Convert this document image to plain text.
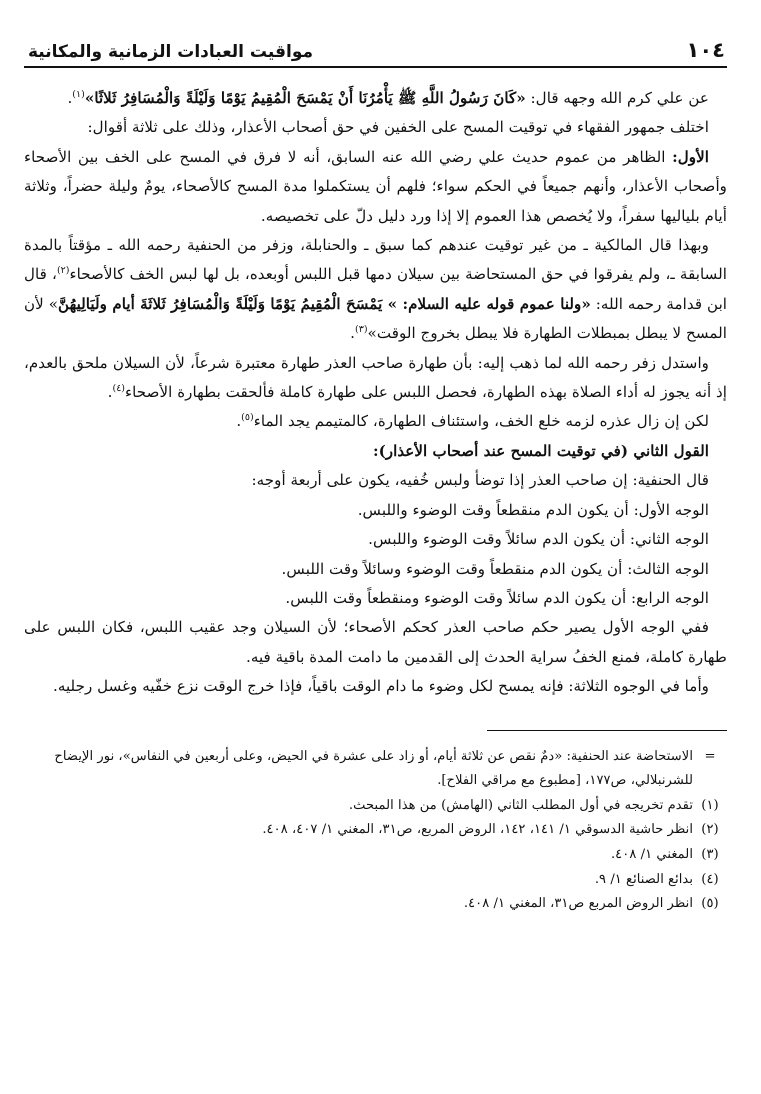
١٠٤
مواقيت العبادات الزمانية والمكانية

عن علي كرم الله وجهه قال: «كَانَ رَسُولُ اللَّهِ ﷺ يَأْمُرُنَا أَنْ يَمْسَحَ الْمُقِيمُ يَوْمًا وَلَيْلَةً وَالْمُسَافِرُ ثَلاثًا»$^{(١)}$.

اختلف جمهور الفقهاء في توقيت المسح على الخفين في حق أصحاب الأعذار، وذلك على ثلاثة أقوال:

الأول: الظاهر من عموم حديث علي رضي الله عنه السابق، أنه لا فرق في المسح على الخف بين الأصحاء وأصحاب الأعذار، وأنهم جميعاً في الحكم سواء؛ فلهم أن يستكملوا مدة المسح كالأصحاء، يومٌ وليلة حضراً، وثلاثة أيام بلياليها سفراً، ولا يُخصص هذا العموم إلا إذا ورد دليل دلّ على تخصيصه.

وبهذا قال المالكية ـ من غير توقيت عندهم كما سبق ـ والحنابلة، وزفر من الحنفية رحمه الله ـ مؤقتاً بالمدة السابقة ـ، ولم يفرقوا في حق المستحاضة بين سيلان دمها قبل اللبس أوبعده، بل لها لبس الخف كالأصحاء$^{(٢)}$، قال ابن قدامة رحمه الله: «ولنا عموم قوله عليه السلام: » يَمْسَحَ الْمُقِيمُ يَوْمًا وَلَيْلَةً وَالْمُسَافِرُ ثَلاثَةَ أيام ولَيَالِيهُنَّ» لأن المسح لا يبطل بمبطلات الطهارة فلا يبطل بخروج الوقت»$^{(٣)}$.

واستدل زفر رحمه الله لما ذهب إليه: بأن طهارة صاحب العذر طهارة معتبرة شرعاً، لأن السيلان ملحق بالعدم، إذ أنه يجوز له أداء الصلاة بهذه الطهارة، فحصل اللبس على طهارة كاملة فألحقت بطهارة الأصحاء$^{(٤)}$.

لكن إن زال عذره لزمه خلع الخف، واستئناف الطهارة، كالمتيمم يجد الماء$^{(٥)}$.

القول الثاني (في توقيت المسح عند أصحاب الأعذار):

قال الحنفية: إن صاحب العذر إذا توضأ ولبس خُفيه، يكون على أربعة أوجه:

الوجه الأول: أن يكون الدم منقطعاً وقت الوضوء واللبس.

الوجه الثاني: أن يكون الدم سائلاً وقت الوضوء واللبس.

الوجه الثالث: أن يكون الدم منقطعاً وقت الوضوء وسائلاً وقت اللبس.

الوجه الرابع: أن يكون الدم سائلاً وقت الوضوء ومنقطعاً وقت اللبس.

ففي الوجه الأول يصير حكم صاحب العذر كحكم الأصحاء؛ لأن السيلان وجد عقيب اللبس، فكان اللبس على طهارة كاملة، فمنع الخفُ سراية الحدث إلى القدمين ما دامت المدة باقية فيه.

وأما في الوجوه الثلاثة: فإنه يمسح لكل وضوء ما دام الوقت باقياً، فإذا خرج الوقت نزع خفّيه وغسل رجليه.

=
الاستحاضة عند الحنفية: «دمٌ نقص عن ثلاثة أيام، أو زاد على عشرة في الحيض، وعلى أربعين في النفاس»، نور الإيضاح للشرنبلالي، ص١٧٧، [مطبوع مع مراقي الفلاح].
(١)
تقدم تخريجه في أول المطلب الثاني (الهامش) من هذا المبحث.
(٢)
انظر حاشية الدسوقي ١/ ١٤١، ١٤٢، الروض المربع، ص٣١، المغني ١/ ٤٠٧، ٤٠٨.
(٣)
المغني ١/ ٤٠٨.
(٤)
بدائع الصنائع ١/ ٩.
(٥)
انظر الروض المربع ص٣١، المغني ١/ ٤٠٨.
